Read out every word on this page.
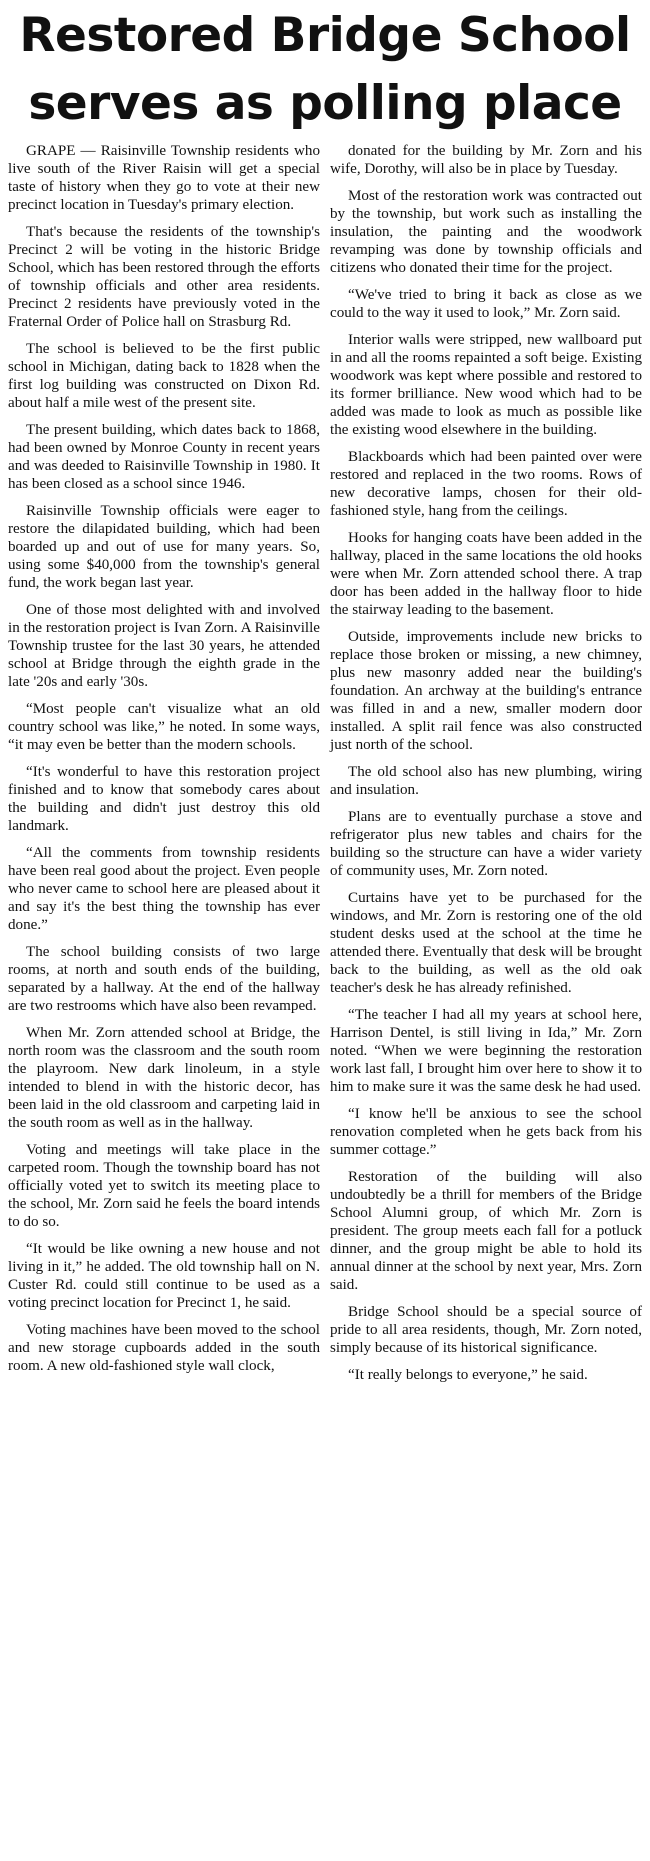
Restored Bridge School
serves as polling place

GRAPE — Raisinville Township residents who live south of the River Raisin will get a special taste of history when they go to vote at their new precinct location in Tuesday's primary election.

That's because the residents of the township's Precinct 2 will be voting in the historic Bridge School, which has been restored through the efforts of township officials and other area residents. Precinct 2 residents have previously voted in the Fraternal Order of Police hall on Strasburg Rd.

The school is believed to be the first public school in Michigan, dating back to 1828 when the first log building was constructed on Dixon Rd. about half a mile west of the present site.

The present building, which dates back to 1868, had been owned by Monroe County in recent years and was deeded to Raisinville Township in 1980. It has been closed as a school since 1946.

Raisinville Township officials were eager to restore the dilapidated building, which had been boarded up and out of use for many years. So, using some $40,000 from the township's general fund, the work began last year.

One of those most delighted with and involved in the restoration project is Ivan Zorn. A Raisinville Township trustee for the last 30 years, he attended school at Bridge through the eighth grade in the late '20s and early '30s.

“Most people can't visualize what an old country school was like,” he noted. In some ways, “it may even be better than the modern schools.

“It's wonderful to have this restoration project finished and to know that somebody cares about the building and didn't just destroy this old landmark.

“All the comments from township residents have been real good about the project. Even people who never came to school here are pleased about it and say it's the best thing the township has ever done.”

The school building consists of two large rooms, at north and south ends of the building, separated by a hallway. At the end of the hallway are two restrooms which have also been revamped.

When Mr. Zorn attended school at Bridge, the north room was the classroom and the south room the playroom. New dark linoleum, in a style intended to blend in with the historic decor, has been laid in the old classroom and carpeting laid in the south room as well as in the hallway.

Voting and meetings will take place in the carpeted room. Though the township board has not officially voted yet to switch its meeting place to the school, Mr. Zorn said he feels the board intends to do so.

“It would be like owning a new house and not living in it,” he added. The old township hall on N. Custer Rd. could still continue to be used as a voting precinct location for Precinct 1, he said.

Voting machines have been moved to the school and new storage cupboards added in the south room. A new old-fashioned style wall clock,

donated for the building by Mr. Zorn and his wife, Dorothy, will also be in place by Tuesday.

Most of the restoration work was contracted out by the township, but work such as installing the insulation, the painting and the woodwork revamping was done by township officials and citizens who donated their time for the project.

“We've tried to bring it back as close as we could to the way it used to look,” Mr. Zorn said.

Interior walls were stripped, new wallboard put in and all the rooms repainted a soft beige. Existing woodwork was kept where possible and restored to its former brilliance. New wood which had to be added was made to look as much as possible like the existing wood elsewhere in the building.

Blackboards which had been painted over were restored and replaced in the two rooms. Rows of new decorative lamps, chosen for their old-fashioned style, hang from the ceilings.

Hooks for hanging coats have been added in the hallway, placed in the same locations the old hooks were when Mr. Zorn attended school there. A trap door has been added in the hallway floor to hide the stairway leading to the basement.

Outside, improvements include new bricks to replace those broken or missing, a new chimney, plus new masonry added near the building's foundation. An archway at the building's entrance was filled in and a new, smaller modern door installed. A split rail fence was also constructed just north of the school.

The old school also has new plumbing, wiring and insulation.

Plans are to eventually purchase a stove and refrigerator plus new tables and chairs for the building so the structure can have a wider variety of community uses, Mr. Zorn noted.

Curtains have yet to be purchased for the windows, and Mr. Zorn is restoring one of the old student desks used at the school at the time he attended there. Eventually that desk will be brought back to the building, as well as the old oak teacher's desk he has already refinished.

“The teacher I had all my years at school here, Harrison Dentel, is still living in Ida,” Mr. Zorn noted. “When we were beginning the restoration work last fall, I brought him over here to show it to him to make sure it was the same desk he had used.

“I know he'll be anxious to see the school renovation completed when he gets back from his summer cottage.”

Restoration of the building will also undoubtedly be a thrill for members of the Bridge School Alumni group, of which Mr. Zorn is president. The group meets each fall for a potluck dinner, and the group might be able to hold its annual dinner at the school by next year, Mrs. Zorn said.

Bridge School should be a special source of pride to all area residents, though, Mr. Zorn noted, simply because of its historical significance.

“It really belongs to everyone,” he said.
